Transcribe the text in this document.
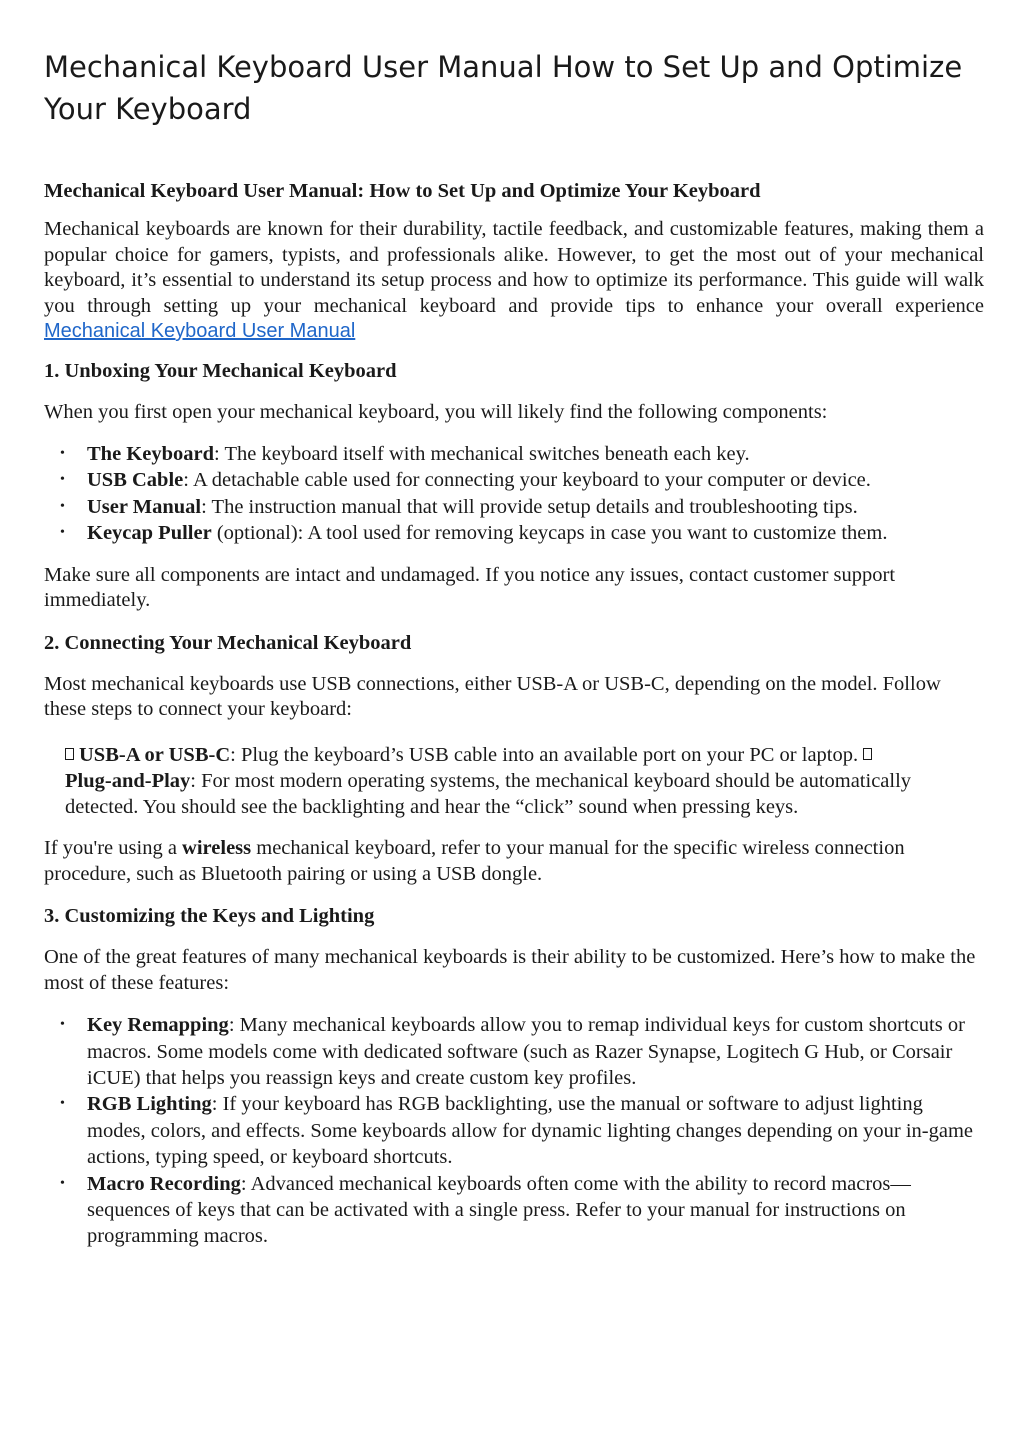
Mechanical Keyboard User Manual How to Set Up and Optimize Your Keyboard
Mechanical Keyboard User Manual: How to Set Up and Optimize Your Keyboard

Mechanical keyboards are known for their durability, tactile feedback, and customizable features, making them a popular choice for gamers, typists, and professionals alike. However, to get the most out of your mechanical keyboard, it’s essential to understand its setup process and how to optimize its performance. This guide will walk you through setting up your mechanical keyboard and provide tips to enhance your overall experience Mechanical Keyboard User Manual

1. Unboxing Your Mechanical Keyboard

When you first open your mechanical keyboard, you will likely find the following components:

• The Keyboard: The keyboard itself with mechanical switches beneath each key.
• USB Cable: A detachable cable used for connecting your keyboard to your computer or device.
• User Manual: The instruction manual that will provide setup details and troubleshooting tips.
• Keycap Puller (optional): A tool used for removing keycaps in case you want to customize them.

Make sure all components are intact and undamaged. If you notice any issues, contact customer support immediately.

2. Connecting Your Mechanical Keyboard

Most mechanical keyboards use USB connections, either USB-A or USB-C, depending on the model. Follow these steps to connect your keyboard:

USB-A or USB-C: Plug the keyboard’s USB cable into an available port on your PC or laptop.
Plug-and-Play: For most modern operating systems, the mechanical keyboard should be automatically detected. You should see the backlighting and hear the “click” sound when pressing keys.

If you're using a wireless mechanical keyboard, refer to your manual for the specific wireless connection procedure, such as Bluetooth pairing or using a USB dongle.

3. Customizing the Keys and Lighting

One of the great features of many mechanical keyboards is their ability to be customized. Here’s how to make the most of these features:

• Key Remapping: Many mechanical keyboards allow you to remap individual keys for custom shortcuts or macros. Some models come with dedicated software (such as Razer Synapse, Logitech G Hub, or Corsair iCUE) that helps you reassign keys and create custom key profiles.
• RGB Lighting: If your keyboard has RGB backlighting, use the manual or software to adjust lighting modes, colors, and effects. Some keyboards allow for dynamic lighting changes depending on your in-game actions, typing speed, or keyboard shortcuts.
• Macro Recording: Advanced mechanical keyboards often come with the ability to record macros—sequences of keys that can be activated with a single press. Refer to your manual for instructions on programming macros.
